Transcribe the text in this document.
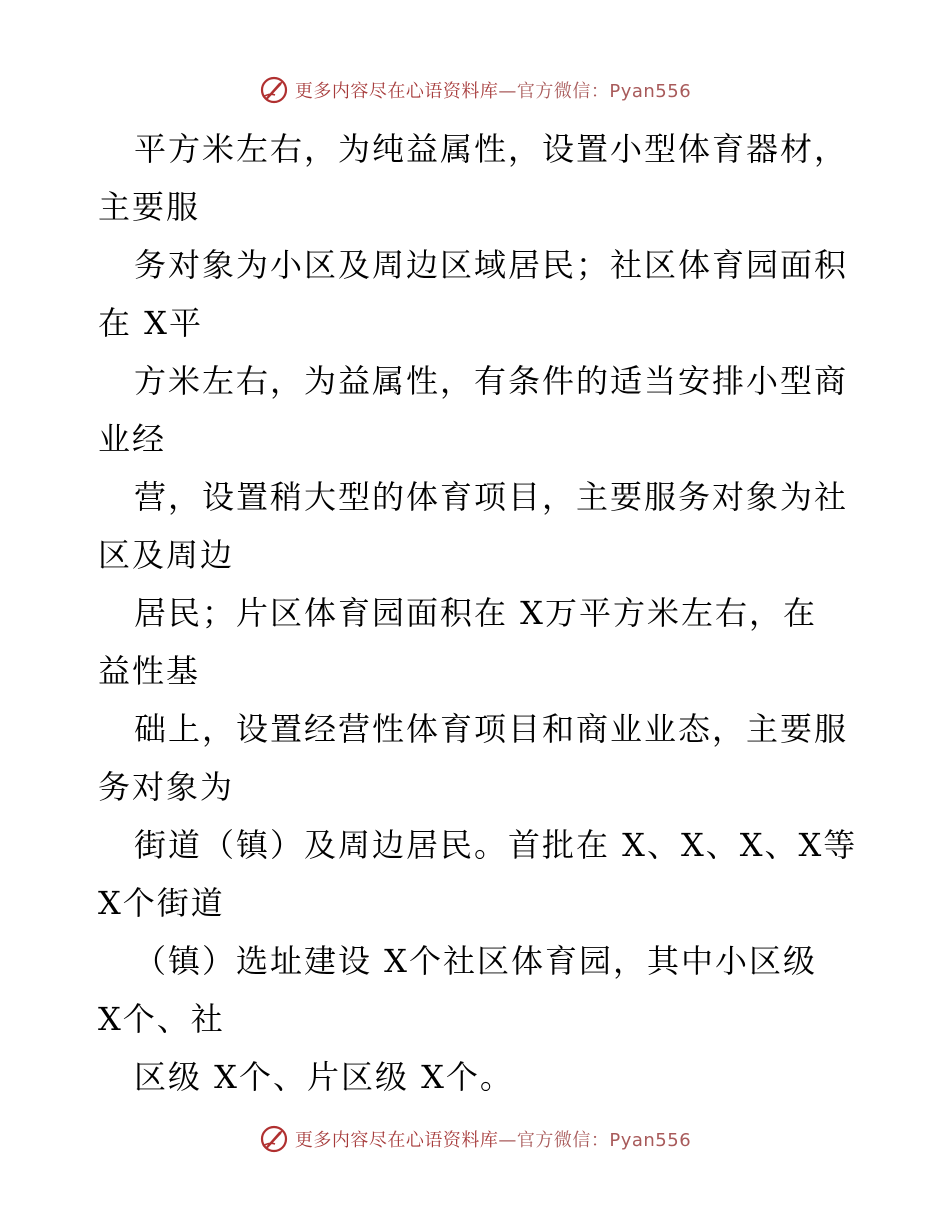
更多内容尽在心语资料库—官方微信：Pyan556
平方米左右，为纯益属性，设置小型体育器材，
主要服
务对象为小区及周边区域居民；社区体育园面积
在 X平
方米左右，为益属性，有条件的适当安排小型商
业经
营，设置稍大型的体育项目，主要服务对象为社
区及周边
居民；片区体育园面积在 X万平方米左右，在
益性基
础上，设置经营性体育项目和商业业态，主要服
务对象为
街道（镇）及周边居民。首批在 X、X、X、X等
X个街道
（镇）选址建设 X个社区体育园，其中小区级
X个、社
区级 X个、片区级 X个。
更多内容尽在心语资料库—官方微信：Pyan556
